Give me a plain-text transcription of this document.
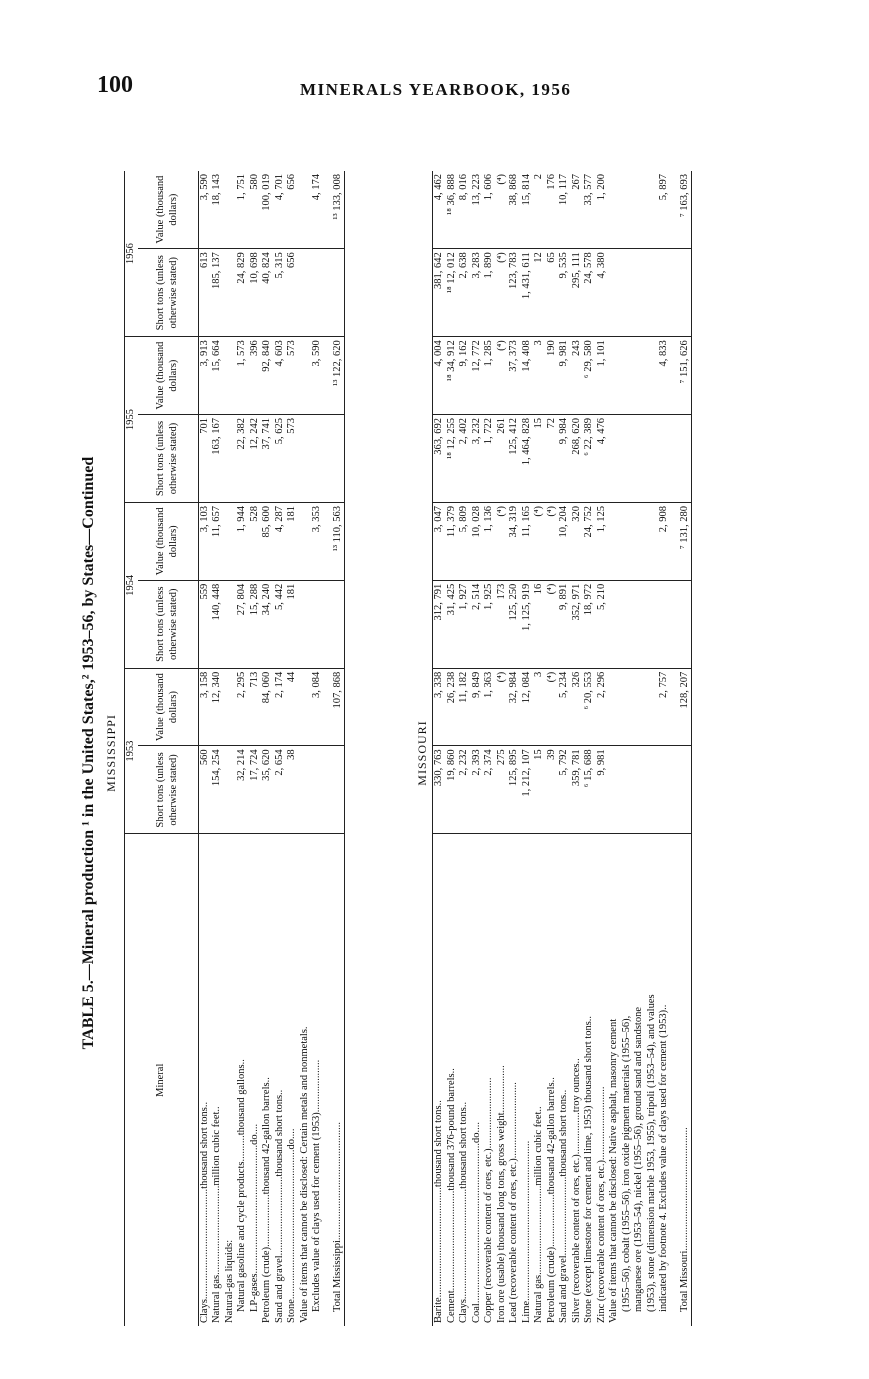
100	MINERALS YEARBOOK, 1956
TABLE 5.—Mineral production ¹ in the United States,² 1953–56, by States—Continued MISSISSIPPI
Mineral	1953		1954		1955		1956	
	Short tons (unless otherwise stated)	Value (thousand dollars)	Short tons (unless otherwise stated)	Value (thousand dollars)	Short tons (unless otherwise stated)	Value (thousand dollars)	Short tons (unless otherwise stated)	Value (thousand dollars)
Clays..........................................thousand short tons..	560	3, 158	559	3, 103	701	3, 913	613	3, 590
Natural gas..................................million cubic feet..	154, 254	12, 340	140, 448	11, 657	163, 167	15, 664	185, 137	18, 143
Natural-gas liquids:								
Natural gasoline and cycle products..........thousand gallons..	32, 214	2, 295	27, 804	1, 944	22, 382	1, 573	24, 829	1, 751
LP-gases.................................................do....	17, 724	713	15, 288	528	12, 242	396	10, 698	580
Petroleum (crude)....................thousand 42-gallon barrels..	35, 620	84, 060	34, 240	85, 600	37, 741	92, 840	40, 824	100, 019
Sand and gravel..............................thousand short tons..	2, 654	2, 174	5, 442	4, 287	5, 625	4, 603	5, 315	4, 701
Stone.........................................................do....	38	44	181	181	573	573	656	656
Value of items that cannot be disclosed: Certain metals and nonmetals.								
Excludes value of clays used for cement (1953)....................		3, 084		3, 353		3, 590		4, 174
Total Mississippi.............................................		107, 868		¹³ 110, 563		¹³ 122, 620		¹³ 133, 008
MISSOURI
Barite..........................................thousand short tons..	330, 763	3, 338	312, 791	3, 047	363, 692	4, 004	381, 642	4, 462
Cement......................................thousand 376-pound barrels..	19, 860	26, 238	31, 425	11, 379	¹⁸ 12, 255	¹⁸ 34, 912	¹⁸ 12, 012	¹⁸ 36, 888
Clays..........................................thousand short tons..	2, 232	11, 182	1, 927	5, 809	2, 402	9, 162	2, 638	8, 016
Coal.............................................................do....	2, 393	9, 849	2, 514	10, 028	3, 232	12, 772	3, 283	13, 223
Copper (recoverable content of ores, etc.)...........................	2, 374	1, 363	1, 925	1, 136	1, 722	1, 285	1, 890	1, 606
Iron ore (usable) thousand long tons, gross weight..................	275	(⁴)	173	(⁴)	261	(⁴)	(⁴)	(⁴)
Lead (recoverable content of ores, etc.).............................	125, 895	32, 984	125, 250	34, 319	125, 412	37, 373	123, 783	38, 868
Lime.............................................................	1, 212, 107	12, 084	1, 125, 919	11, 165	1, 464, 828	14, 408	1, 431, 611	15, 814
Natural gas..................................million cubic feet..	15	3	16	(⁴)	15	3	12	2
Petroleum (crude)....................thousand 42-gallon barrels..	39	(⁴)	(⁴)	(⁴)	72	190	65	176
Sand and gravel..............................thousand short tons..	5, 792	5, 234	9, 891	10, 204	9, 984	9, 981	9, 535	10, 117
Silver (recoverable content of ores, etc.)................troy ounces..	359, 781	326	352, 971	320	268, 620	243	295, 111	267
Stone (except limestone for cement and lime, 1953) thousand short tons..	⁶ 15, 688	⁶ 20, 553	18, 972	24, 752	⁶ 22, 389	⁶ 29, 580	24, 578	33, 577
Zinc (recoverable content of ores, etc.)............................	9, 981	2, 296	5, 210	1, 125	4, 476	1, 101	4, 380	1, 200
Value of items that cannot be disclosed: Native asphalt, masonry cement								
(1955–56), cobalt (1955–56), iron oxide pigment materials (1955–56),								
manganese ore (1953–54), nickel (1955–56), ground sand and sandstone								
(1953), stone (dimension marble 1953, 1955), tripoli (1953–54), and values								
indicated by footnote 4. Excludes value of clays used for cement (1953)..		2, 757		2, 908		4, 833		5, 897
Total Missouri...............................................		128, 207		⁷ 131, 280		⁷ 151, 626		⁷ 163, 693
